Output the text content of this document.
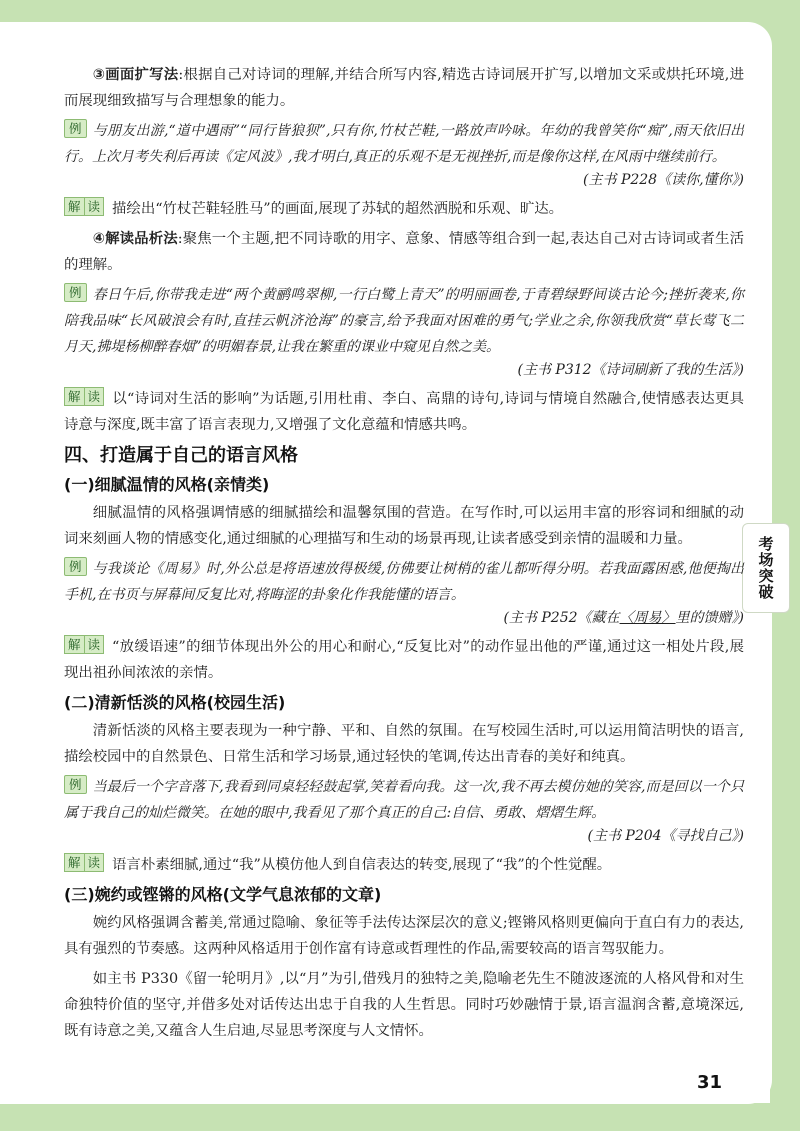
考场突破

③画面扩写法:根据自己对诗词的理解,并结合所写内容,精选古诗词展开扩写,以增加文采或烘托环境,进而展现细致描写与合理想象的能力。

例 与朋友出游,“道中遇雨”“同行皆狼狈”,只有你,竹杖芒鞋,一路放声吟咏。年幼的我曾笑你“痴”,雨天依旧出行。上次月考失利后再读《定风波》,我才明白,真正的乐观不是无视挫折,而是像你这样,在风雨中继续前行。
(主书 P228《读你,懂你》)

解 读 描绘出“竹杖芒鞋轻胜马”的画面,展现了苏轼的超然洒脱和乐观、旷达。

④解读品析法:聚焦一个主题,把不同诗歌的用字、意象、情感等组合到一起,表达自己对古诗词或者生活的理解。

例 春日午后,你带我走进“两个黄鹂鸣翠柳,一行白鹭上青天”的明丽画卷,于青碧绿野间谈古论今;挫折袭来,你陪我品味“长风破浪会有时,直挂云帆济沧海”的豪言,给予我面对困难的勇气;学业之余,你领我欣赏“草长莺飞二月天,拂堤杨柳醉春烟”的明媚春景,让我在繁重的课业中窥见自然之美。
(主书 P312《诗词刷新了我的生活》)

解 读 以“诗词对生活的影响”为话题,引用杜甫、李白、高鼎的诗句,诗词与情境自然融合,使情感表达更具诗意与深度,既丰富了语言表现力,又增强了文化意蕴和情感共鸣。

四、打造属于自己的语言风格
(一)细腻温情的风格(亲情类)

细腻温情的风格强调情感的细腻描绘和温馨氛围的营造。在写作时,可以运用丰富的形容词和细腻的动词来刻画人物的情感变化,通过细腻的心理描写和生动的场景再现,让读者感受到亲情的温暖和力量。

例 与我谈论《周易》时,外公总是将语速放得极缓,仿佛要让树梢的雀儿都听得分明。若我面露困惑,他便掏出手机,在书页与屏幕间反复比对,将晦涩的卦象化作我能懂的语言。
(主书 P252《藏在〈周易〉里的馈赠》)

解 读 “放缓语速”的细节体现出外公的用心和耐心,“反复比对”的动作显出他的严谨,通过这一相处片段,展现出祖孙间浓浓的亲情。

(二)清新恬淡的风格(校园生活)

清新恬淡的风格主要表现为一种宁静、平和、自然的氛围。在写校园生活时,可以运用简洁明快的语言,描绘校园中的自然景色、日常生活和学习场景,通过轻快的笔调,传达出青春的美好和纯真。

例 当最后一个字音落下,我看到同桌轻轻鼓起掌,笑着看向我。这一次,我不再去模仿她的笑容,而是回以一个只属于我自己的灿烂微笑。在她的眼中,我看见了那个真正的自己:自信、勇敢、熠熠生辉。
(主书 P204《寻找自己》)

解 读 语言朴素细腻,通过“我”从模仿他人到自信表达的转变,展现了“我”的个性觉醒。

(三)婉约或铿锵的风格(文学气息浓郁的文章)

婉约风格强调含蓄美,常通过隐喻、象征等手法传达深层次的意义;铿锵风格则更偏向于直白有力的表达,具有强烈的节奏感。这两种风格适用于创作富有诗意或哲理性的作品,需要较高的语言驾驭能力。

如主书 P330《留一轮明月》,以“月”为引,借残月的独特之美,隐喻老先生不随波逐流的人格风骨和对生命独特价值的坚守,并借多处对话传达出忠于自我的人生哲思。同时巧妙融情于景,语言温润含蓄,意境深远,既有诗意之美,又蕴含人生启迪,尽显思考深度与人文情怀。

31
